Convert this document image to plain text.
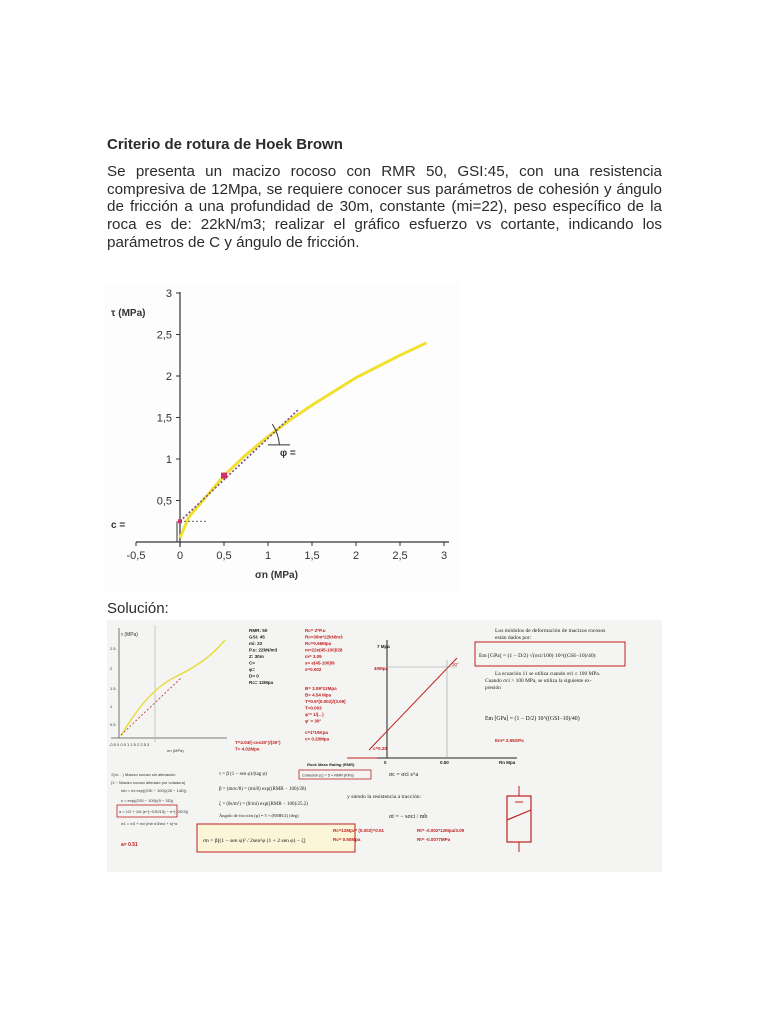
Criterio de rotura de Hoek Brown
Se presenta un macizo rocoso con RMR 50, GSI:45, con una resistencia compresiva de 12Mpa, se requiere conocer sus parámetros de cohesión y ángulo de fricción a una profundidad de 30m, constante (mi=22), peso específico de la roca es de: 22kN/m3; realizar el gráfico esfuerzo vs cortante, indicando los parámetros de C y ángulo de fricción.
3
2,5
2
1,5
1
0,5
-0,5	0	0,5	1	1,5	2	2,5	3
τ (MPa)
σn (MPa)
c =
φ =
Solución:
τ (MPa)
2.5
2
1.5
1
0.5
-0.5 0 0.5 1 1.5 2 2.5 3
σn (MPa)
RMR: 50
GSI: 45
mi: 22
P.u: 22kN/m3
Z: 30m
C=
φ=
D= 0
Rc= 12Mpa
Rc= Z*P.u
Rc=30m*22kN/m3
Rc=0.66Mpa
m=22e(45-100)/28
m= 3.09
s= e(45-100)/9
s=0.002
B= 3.09*12Mpa
B= 4.54 Mpa
T=0.5*(0.002)/(3.09)
T=0.003
φ'= 1/(.. )
φ' = 30°
c=1*10Kpa
c= 0.20Mpa
T=4.04/(-cos30°)/(30°)
T= 4.02Mpa
τ = β (1 − sen φ)/(tag φ)
β = (mσc/8) = (mi/8) exp((RMR − 100)/28)
ζ = (8s/m²) = (8/mi) exp((RMR − 100)/25.2)
Ángulo de fricción (φ) = 5 + (RMR/2) (deg)
√(σ/... ) Macizo rocoso sin alteración
(1 − Macizo rocoso alterado por voladura)
mb = mi exp((GSI − 100)/(28 − 14D))
s = exp((GSI − 100)/(9 − 3D))
a = 1/2 + 1/6 (e^(−GSI/15) − e^(−20/3))
σ1 = σ3 + σci (mb σ3/σci + s)^a
σn = β[(1 − sen φ)² / 2sen²φ (1 + 2 sen φ) − ζ]
a= 0.51
7 Mpa
40Mpa
30°
c=0.20
0.50	Rn Mpa
0
Rock Mass Rating (RMR)
Cohesion (c) = 5 × RMR (KPa)
Rc=12Mpa* (0.002)^0.51
Rc= 0.50Mpa
Rt= -0.002*12Mpa/3.09
Rt= -0.0077MPa
Los módulos de deformación de macizos rocosos están dados por:
Em [GPa] = (1 − D/2) √(σci/100) 10^((GSI−10)/40)
La ecuación 11 se utiliza cuando σci ≤ 100 MPa. Cuando σci > 100 MPa, se utiliza la siguiente ex- presión
Em [GPa] = (1 − D/2) 10^((GSI−10)/40)
Em= 2.55GPa
σc = σci s^a
y siendo la resistencia a tracción:
σt = − sσci / mb
